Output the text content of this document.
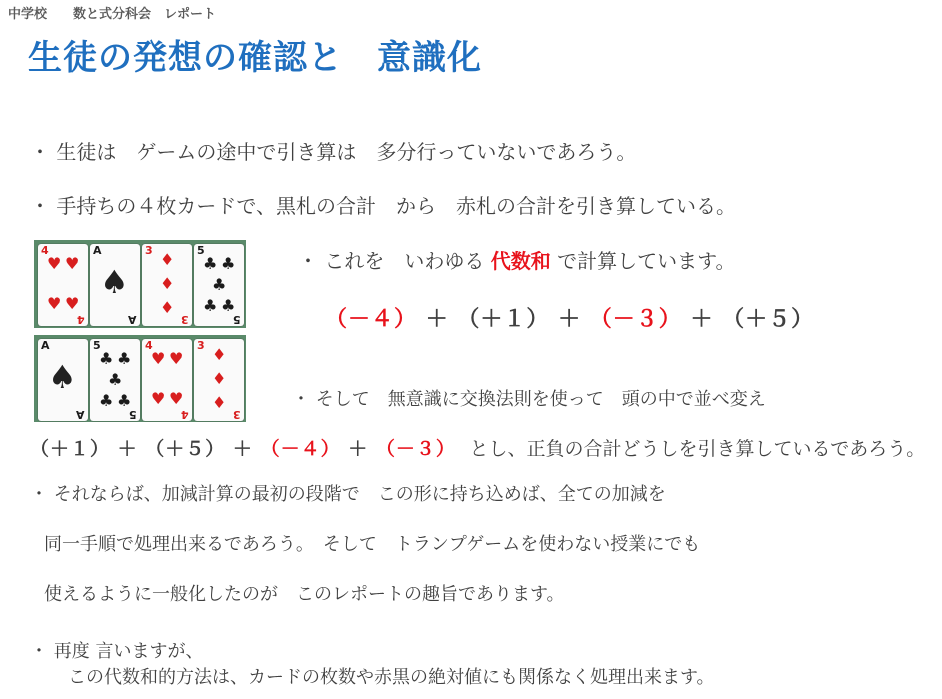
中学校 数と式分科会　レポート
生徒の発想の確認と 意識化
・ 生徒は　ゲームの途中で引き算は　多分行っていないであろう。
・ 手持ちの４枚カードで、黒札の合計　から　赤札の合計を引き算している。
4
♥ ♥
♥ ♥
4
A
♠
A
3 ♦
♦
♦
3
5
♣ ♣
♣
♣ ♣
5
・ これを　いわゆる 代数和 で計算しています。
（－４） ＋ （＋１） ＋ （－３） ＋ （＋５）
A
♠
A
5
♣ ♣
♣
♣ ♣
5
4
♥ ♥
♥ ♥
4
3 ♦
♦
♦
3
・ そして　無意識に交換法則を使って　頭の中で並べ変え
（＋１） ＋ （＋５） ＋ （－４） ＋ （－３） とし、正負の合計どうしを引き算しているであろう。
・ それならば、加減計算の最初の段階で　この形に持ち込めば、全ての加減を
同一手順で処理出来るであろう。　そして　トランプゲームを使わない授業にでも
使えるように一般化したのが　このレポートの趣旨であります。
・ 再度 言いますが、
この代数和的方法は、カードの枚数や赤黒の絶対値にも関係なく処理出来ます。
